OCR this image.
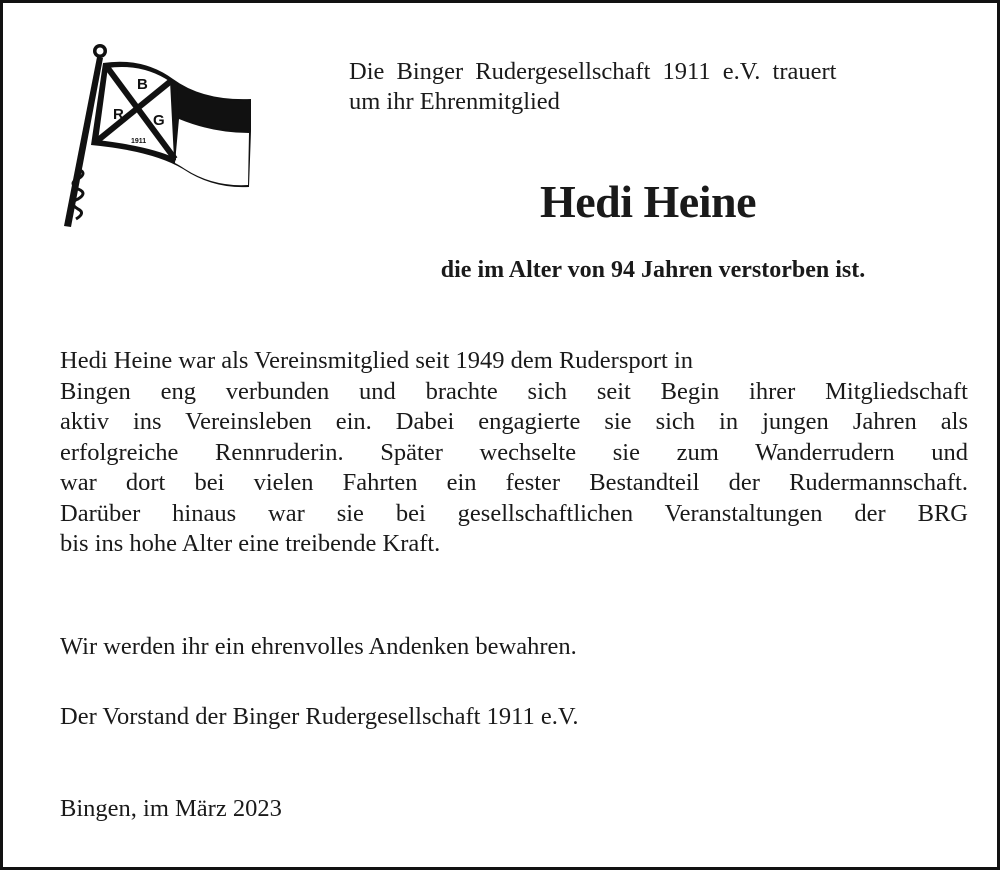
B
R G
1911
Die Binger Rudergesellschaft 1911 e.V. trauert
um ihr Ehrenmitglied
Hedi Heine
die im Alter von 94 Jahren verstorben ist.
Hedi Heine war als Vereinsmitglied seit 1949 dem Rudersport in
Bingen eng verbunden und brachte sich seit Begin ihrer Mitgliedschaft
aktiv ins Vereinsleben ein. Dabei engagierte sie sich in jungen Jahren als
erfolgreiche Rennruderin. Später wechselte sie zum Wanderrudern und
war dort bei vielen Fahrten ein fester Bestandteil der Rudermannschaft.
Darüber hinaus war sie bei gesellschaftlichen Veranstaltungen der BRG
bis ins hohe Alter eine treibende Kraft.
Wir werden ihr ein ehrenvolles Andenken bewahren.
Der Vorstand der Binger Rudergesellschaft 1911 e.V.
Bingen, im März 2023
